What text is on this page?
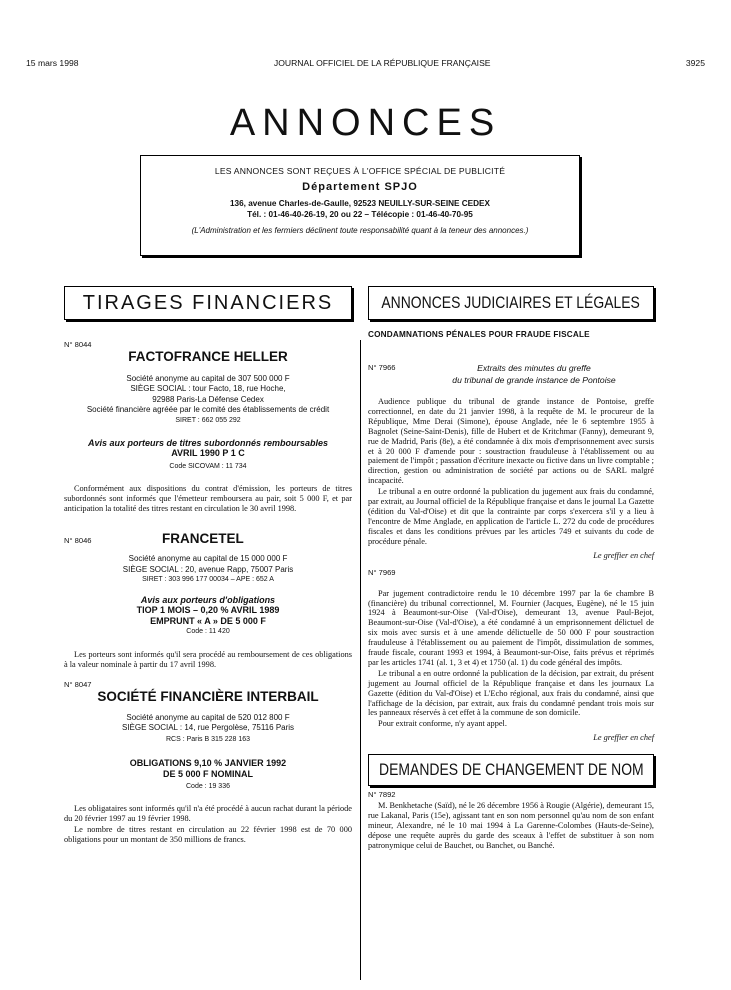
15 mars 1998	JOURNAL OFFICIEL DE LA RÉPUBLIQUE FRANÇAISE	3925
ANNONCES
LES ANNONCES SONT REÇUES À L'OFFICE SPÉCIAL DE PUBLICITÉ
Département SPJO
136, avenue Charles-de-Gaulle, 92523 NEUILLY-SUR-SEINE CEDEX
Tél. : 01-46-40-26-19, 20 ou 22 – Télécopie : 01-46-40-70-95
(L'Administration et les fermiers déclinent toute responsabilité quant à la teneur des annonces.)
TIRAGES FINANCIERS
N° 8044
FACTOFRANCE HELLER
Société anonyme au capital de 307 500 000 F
SIÈGE SOCIAL : tour Facto, 18, rue Hoche,
92988 Paris-La Défense Cedex
Société financière agréée par le comité des établissements de crédit
SIRET : 662 055 292
Avis aux porteurs de titres subordonnés remboursables
AVRIL 1990 P 1 C
Code SICOVAM : 11 734

Conformément aux dispositions du contrat d'émission, les porteurs de titres subordonnés sont informés que l'émetteur remboursera au pair, soit 5 000 F, et par anticipation la totalité des titres restant en circulation le 30 avril 1998.

N° 8046	FRANCETEL
Société anonyme au capital de 15 000 000 F
SIÈGE SOCIAL : 20, avenue Rapp, 75007 Paris
SIRET : 303 996 177 00034 – APE : 652 A
Avis aux porteurs d'obligations
TIOP 1 MOIS – 0,20 % AVRIL 1989
EMPRUNT « A » DE 5 000 F
Code : 11 420

Les porteurs sont informés qu'il sera procédé au remboursement de ces obligations à la valeur nominale à partir du 17 avril 1998.

N° 8047
SOCIÉTÉ FINANCIÈRE INTERBAIL
Société anonyme au capital de 520 012 800 F
SIÈGE SOCIAL : 14, rue Pergolèse, 75116 Paris
RCS : Paris B 315 228 163
OBLIGATIONS 9,10 % JANVIER 1992
DE 5 000 F NOMINAL
Code : 19 336

Les obligataires sont informés qu'il n'a été procédé à aucun rachat durant la période du 20 février 1997 au 19 février 1998.

Le nombre de titres restant en circulation au 22 février 1998 est de 70 000 obligations pour un montant de 350 millions de francs.

ANNONCES JUDICIAIRES ET LÉGALES
CONDAMNATIONS PÉNALES POUR FRAUDE FISCALE
N° 7966	Extraits des minutes du greffe
du tribunal de grande instance de Pontoise

Audience publique du tribunal de grande instance de Pontoise, greffe correctionnel, en date du 21 janvier 1998, à la requête de M. le procureur de la République, Mme Derai (Simone), épouse Anglade, née le 6 septembre 1955 à Bagnolet (Seine-Saint-Denis), fille de Hubert et de Kritchmar (Fanny), demeurant 9, rue de Madrid, Paris (8e), a été condamnée à dix mois d'emprisonnement avec sursis et à 20 000 F d'amende pour : soustraction frauduleuse à l'établissement ou au paiement de l'impôt ; passation d'écriture inexacte ou fictive dans un livre comptable ; direction, gestion ou administration de société par actions ou de SARL malgré incapacité.

Le tribunal a en outre ordonné la publication du jugement aux frais du condamné, par extrait, au Journal officiel de la République française et dans le journal La Gazette (édition du Val-d'Oise) et dit que la contrainte par corps s'exercera s'il y a lieu à l'encontre de Mme Anglade, en application de l'article L. 272 du code de procédures fiscales et dans les conditions prévues par les articles 749 et suivants du code de procédure pénale.

Le greffier en chef
N° 7969

Par jugement contradictoire rendu le 10 décembre 1997 par la 6e chambre B (financière) du tribunal correctionnel, M. Fournier (Jacques, Eugène), né le 15 juin 1924 à Beaumont-sur-Oise (Val-d'Oise), demeurant 13, avenue Paul-Bejot, Beaumont-sur-Oise (Val-d'Oise), a été condamné à un emprisonnement délictuel de six mois avec sursis et à une amende délictuelle de 50 000 F pour soustraction frauduleuse à l'établissement ou au paiement de l'impôt, dissimulation de sommes, fraude fiscale, courant 1993 et 1994, à Beaumont-sur-Oise, faits prévus et réprimés par les articles 1741 (al. 1, 3 et 4) et 1750 (al. 1) du code général des impôts.

Le tribunal a en outre ordonné la publication de la décision, par extrait, du présent jugement au Journal officiel de la République française et dans les journaux La Gazette (édition du Val-d'Oise) et L'Echo régional, aux frais du condamné, ainsi que l'affichage de la décision, par extrait, aux frais du condamné pendant trois mois sur les panneaux réservés à cet effet à la commune de son domicile.

Pour extrait conforme, n'y ayant appel.

Le greffier en chef
DEMANDES DE CHANGEMENT DE NOM
N° 7892

M. Benkhetache (Saïd), né le 26 décembre 1956 à Rougie (Algérie), demeurant 15, rue Lakanal, Paris (15e), agissant tant en son nom personnel qu'au nom de son enfant mineur, Alexandre, né le 10 mai 1994 à La Garenne-Colombes (Hauts-de-Seine), dépose une requête auprès du garde des sceaux à l'effet de substituer à son nom patronymique celui de Bauchet, ou Banchet, ou Banché.
